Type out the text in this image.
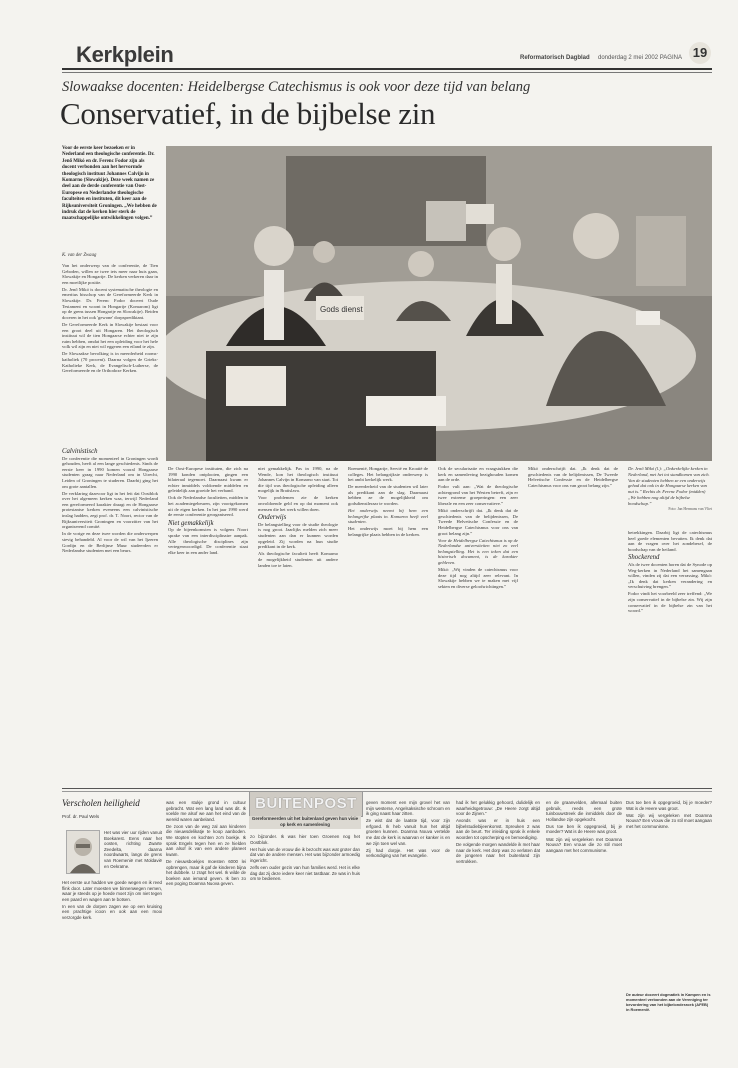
Kerkplein	Reformatorisch Dagblad donderdag 2 mei 2002 PAGINA 19
Slowaakse docenten: Heidelbergse Catechismus is ook voor deze tijd van belang
Conservatief, in de bijbelse zin
Voor de eerste keer bezoeken er in Nederland een theologische conferentie. Dr. Jenő Mikó en dr. Ferenc Fodor zijn als docent verbonden aan het hervormde theologisch instituut Johannes Calvijn in Komarno (Slowakije). Deze week namen ze deel aan de derde conferentie van Oost-Europese en Nederlandse theologische faculteiten en instituten, dit keer aan de Rijksuniversiteit Groningen. „We hebben de indruk dat de kerken hier sterk de maatschappelijke ontwikkelingen volgen.”
K. van der Zwaag

Van het onderwerp van de conferentie, de Tien Geboden, willen ze twee iets meer naar huis gaan, Slowakije en Hongarije. De kerken verkeren daar in een moeilijke positie.

Dr. Jenő Mikó is docent systematische theologie en emeritus bisschop van de Gereformeerde Kerk in Slowakije. Dr. Ferenc Fodor doceert Oude Testament en woont in Hongarije (Komarom) ligt op de grens tussen Hongarije en Slowakije). Beiden doceren in het ook 'gewone' dorpsprediktant.

De Gereformeerde Kerk in Slowakije bestaat voor een groot deel uit Hongaren. Het theologisch instituut wil de tien Hongaarse echter niet te zijn ruim hebben, omdat het een opleiding voor het hele volk wil zijn en niet wil eggeren een eiland te zijn.

De Slowaakse bevolking is in meerderheid rooms-katholiek (70 procent). Daarna volgen de Grieks-Katholieke Kerk, de Evangelisch-Lutherse, de Gereformeerde en de Orthodoxe Kerken.

Calvinistisch

De conferentie die momenteel in Groningen wordt gehouden, heeft al een lange geschiedenis. Sinds de eerste keer in 1990 komen vooral Hongaarse studenten graag naar Nederland om in Utrecht, Leiden of Groningen te studeren. Daarbij ging het om grote aantallen.

De verklaring daarvoor ligt in het feit dat Oostblok over het algemeen kerken waa, terwijl Nederland een gereformeerd karakter draagt en de Hongaarse protestantse kerken eveneens een calvinistische inslag hadden, zegt prof. dr. T. Noort, rector van de Rijksuniversiteit Groningen en voorzitter van het organiserend comité.

In de vorige en deze twee worden die onderwerpen stevig behandeld. Al voor de wil van het Ijzeren Gordijn en de Berlijnse Muur studeerden er Nederlandse studenten met een beurs.

Gods dienst
Dr. Jenő Mikó (l.): „Onkerkelijke kerken in Nederland, met het tot standkomen van zich. Van de studenten hebben ze een onderwijs gehad dat ook in de Hongaarse kerken van nut is.” Rechts dr. Ferenc Fodor (midden) „We hebben nog altijd de bijbelse boodschap.”
Foto: Jan Hermans van Vliet

De Oost-Europese instituten, die zich na 1990 konden ontplooien, gingen een bilateraal tegemoet. Daarnaast kwam er echter inmiddels voldoende middelen en geleidelijk aan groeide het verband.

Ook de Nederlandse faculteiten, midden in het academiegebeuren, zijn voortgekomen uit de eigen kerken. In het jaar 1990 werd de eerste conferentie georganiseerd.

Niet gemakkelijk

Op de bijeenkomsten is volgens Noort sprake van een interdisciplinaire aanpak. Alle theologische disciplines zijn vertegenwoordigd. De conferentie staat elke keer in een ander land.

niet gemakkelijk. Pas in 1990, na de Wende, kon het theologisch instituut Johannes Calvijn in Komarno van start. Tot die tijd was theologische opleiding alleen mogelijk in Bratislava.

Voor problemen zie de kerken onvoldoende geld en op dat moment ook mensen die het werk willen doen.

Onderwijs

De belangstelling voor de studie theologie is nog groot. Jaarlijks melden zich meer studenten aan dan er kunnen worden opgeleid. Zij worden na hun studie predikant in de kerk.

Als theologische faculteit heeft Komarno de mogelijkheid studenten uit andere landen toe te laten.

Roemenië, Hongarije, Servië en Kroatië de colleges. Het belangrijkste onderwerp is het ambt kerkelijk werk.

De meerderheid van de studenten wil later als predikant aan de slag. Daarnaast hebben ze de mogelijkheid om godsdienstleraar te worden.

Het onderwijs neemt bij hem een belangrijke plaats in. Komarno heeft veel studenten.

Het onderwijs moet bij hem een belangrijke plaats hebben in de kerken.

Ook de secularisatie en vraagstukken die kerk en samenleving bezighouden komen aan de orde.

Fodor vult aan: „Wat de theologische achtergrond van het Westen betreft, zijn er twee extreme groeperingen: een zeer liberale en een zeer conservatieve.”

Mikó onderschrijft dat. „Ik denk dat de geschiedenis van de belijdenissen, De Tweede Helvetische Confessie en de Heidelbergse Catechismus voor ons van groot belang zijn.”

Voor de Heidelbergse Catechismus is op de Nederlandse universiteiten niet zo veel belangstelling. Het is een teken dat een historisch document, is de karakter gebleven.

Mikó: „Wij vinden de catechismus voor deze tijd nog altijd zeer relevant. In Slowakije hebben we te maken met vijf sekten en diverse geloofsrichtingen.”

Mikó onderschrijft dat. „Ik denk dat de geschiedenis van de belijdenissen, De Tweede Helvetische Confessie en de Heidelbergse Catechismus voor ons van groot belang zijn.”

betrekkingen. Daarbij ligt de catechismus heel goede elementen bevatten. Ik denk dat aan de vragen over het zondebesef, de boodschap van de heiland.

Shockerend

Als de twee docenten horen dat de Synode op Weg-kerken in Nederland het samengaan willen, vinden zij dat een verrassing. Mikó: „Ik denk dat kerken verandering en verschuiving brengen.”

Fodor vindt het voorbeeld zeer treffend: „We zijn conservatief in de bijbelse zin. Wij zijn conservatief in de bijbelse zin van het woord.”

Verscholen heiligheid
Prof. dr. Paul Wels
BUITENPOST
Gereformeerden uit het buitenland geven hun visie op kerk en samenleving

Het was vier uur rijden vanuit Boekarest. Eens naar het oosten, richting Zwarte Zeedelta, daarna noordwaarts, langs de grens van Roemenië met Moldavië en Oekraïne.

Het eerste uur hadden we goede wegen en ik reed flink door. Later moesten we binnenwegen nemen, waar je steeds op je hoede moet zijn om niet tegen een paard en wagen aan te botsen.

In een van de dorpen zagen we op een kruising een prachtige icoon en ook aan een mooi verzorgde kerk.

was een stukje grond in cultuur gebracht. Wat een lang land was dit. Ik voelde me alsof we aan het eind van de wereld waren aanbeland.

De zoon van de weg zal aan kinderen die nieuwsdelikatje te koop aanboden. We stopten en kochten zo'n boekje. Ik sprak Engels tegen hen en ze hielden aan alsof ik van een andere planeet kwam.

De nieuwsboekjes moesten 6000 lei opbrengen, maar ik gaf de kinderen bijna het dubbele. U zrapt het wel. Ik wilde de boeken aan iemand geven. Ik ben zo een poging Doamna Nuova geven.

zo bijzonder. Ik was hier toen Groenen nog het Oostblok.

Het huis van de vrouw die ik bezocht was wat groter dan dat van de andere mensen. Het was bijzonder armoedig ingericht.

zelfs een ouder gezin van hun families werd. Het is elke dag dat zij deze iedere keer niet tastbaar. Ze was in huis om te bedienen.

geven moment een mijn grovel het van mijn westerse, Angelsaksische schroom en ik ging naast haar zitten.

Ze wist dat de laatste tijd, voor zijn erfgoed. Ik heb vanuit hun het altijd groeten kunnen. Doamna Nouva vertelde me dat de kerk is waarvan er kanker is en we zijn toen wel van.

Zij had dorpje. Het was voor de verkondiging van het evangelie.

had ik het gelukkig gehoord, dulidelijk en waarheidsgetrouw: „De Heere zorgt altijd voor de Zijnen.”

Avonds was er in huis een bijbelstudiebijeenkomst. Spreuken 2 was aan de beurt. Ter inleiding sprak ik enkele woorden tot opscherping en bemoediging.

De volgende morgen wandelde ik met haar naar de kerk. Het dorp was zo verlaten dat de jongeren naar het buitenland zijn vertrokken.

en de graanvelden, allemaal buiten gebruik, reeds een grote tuinbouwstreek die inmiddels door de Hollandse zijn opgekocht.

Dus toe ben ik opgegroeid, bij je moeder? Wat is de Heere was groot.

Wat zijn wij vergeleken met Doamna Nouva? Een vrouw die zo stil moet aangaan met het communisme.

Dus toe ben ik opgegroeid, bij je moeder? Wat is de Heere was groot.

Wat zijn wij vergeleken met Doamna Nouva? Een vrouw die zo stil moet aangaan met het communisme.

De auteur doceert dogmatiek in Kampen en is momenteel verbonden aan de Vereniging ter bevordering van het bijbelonderzoek (AFEB) in Roemenië.
